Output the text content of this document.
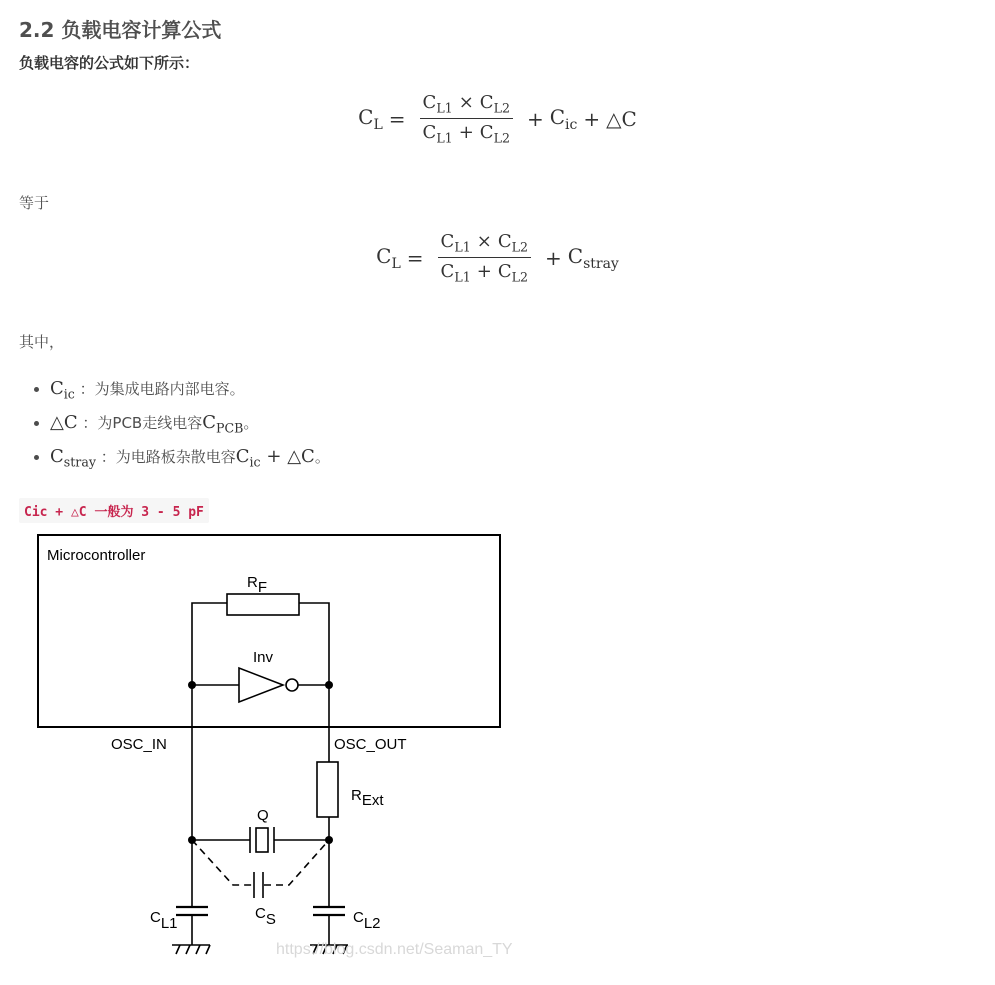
2.2 负载电容计算公式
负载电容的公式如下所示：
$C_L = \frac{C_{L1} \times C_{L2}}{C_{L1} + C_{L2}} + C_{ic}$ + △C
等于
$C_L = \frac{C_{L1} \times C_{L2}}{C_{L1} + C_{L2}} + C_{stray}$
其中，
• $C_{ic}$ ：为集成电路内部电容。
• △C ：为PCB走线电容$C_{PCB}$。
• $C_{stray}$ ：为电路板杂散电容$C_{ic}$ + △C。
Cic + △C 一般为 3 - 5 pF
Microcontroller
RF
Inv
OSC_IN	OSC_OUT
RExt
Q
CL1
CS	CL2
https://blog.csdn.net/Seaman_TY
